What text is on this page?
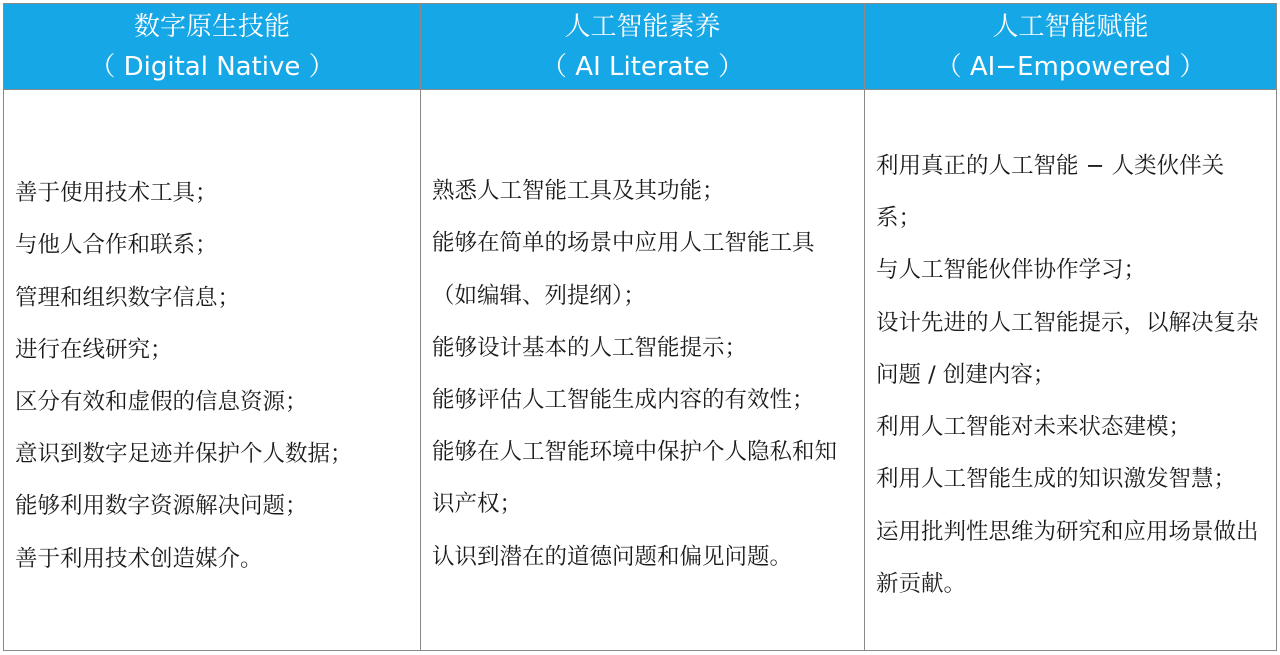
数字原生技能
（ Digital Native ）
人工智能素养
（ AI Literate ）
人工智能赋能
（ AI−Empowered ）
善于使用技术工具；
与他人合作和联系；
管理和组织数字信息；
进行在线研究；
区分有效和虚假的信息资源；
意识到数字足迹并保护个人数据；
能够利用数字资源解决问题；
善于利用技术创造媒介。
熟悉人工智能工具及其功能；
能够在简单的场景中应用人工智能工具（如编辑、列提纲）；
能够设计基本的人工智能提示；
能够评估人工智能生成内容的有效性；
能够在人工智能环境中保护个人隐私和知识产权；
认识到潜在的道德问题和偏见问题。
利用真正的人工智能 − 人类伙伴关系；
与人工智能伙伴协作学习；
设计先进的人工智能提示，以解决复杂问题 / 创建内容；
利用人工智能对未来状态建模；
利用人工智能生成的知识激发智慧；
运用批判性思维为研究和应用场景做出新贡献。
